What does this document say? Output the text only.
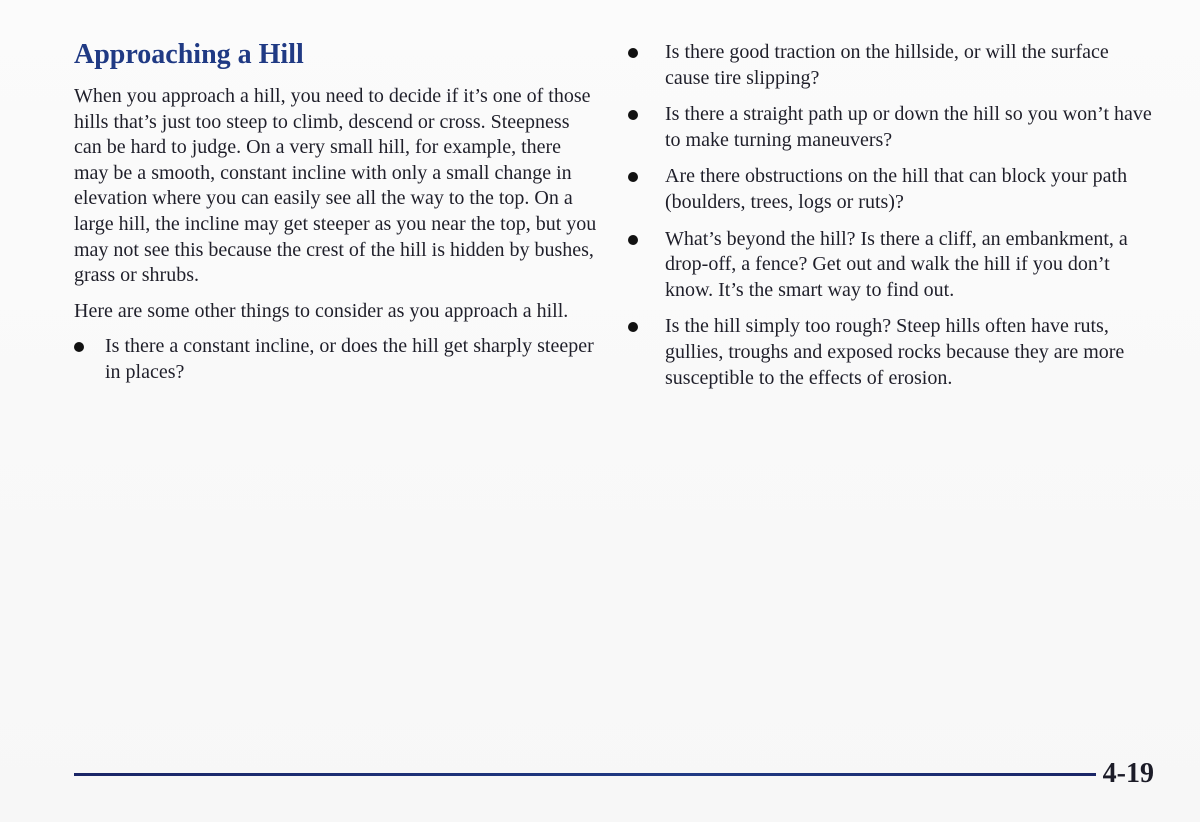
Approaching a Hill

When you approach a hill, you need to decide if it’s one of those hills that’s just too steep to climb, descend or cross. Steepness can be hard to judge. On a very small hill, for example, there may be a smooth, constant incline with only a small change in elevation where you can easily see all the way to the top. On a large hill, the incline may get steeper as you near the top, but you may not see this because the crest of the hill is hidden by bushes, grass or shrubs.

Here are some other things to consider as you approach a hill.

Is there a constant incline, or does the hill get sharply steeper in places?
Is there good traction on the hillside, or will the surface cause tire slipping?
Is there a straight path up or down the hill so you won’t have to make turning maneuvers?
Are there obstructions on the hill that can block your path (boulders, trees, logs or ruts)?
What’s beyond the hill? Is there a cliff, an embankment, a drop-off, a fence? Get out and walk the hill if you don’t know. It’s the smart way to find out.
Is the hill simply too rough? Steep hills often have ruts, gullies, troughs and exposed rocks because they are more susceptible to the effects of erosion.
4-19
